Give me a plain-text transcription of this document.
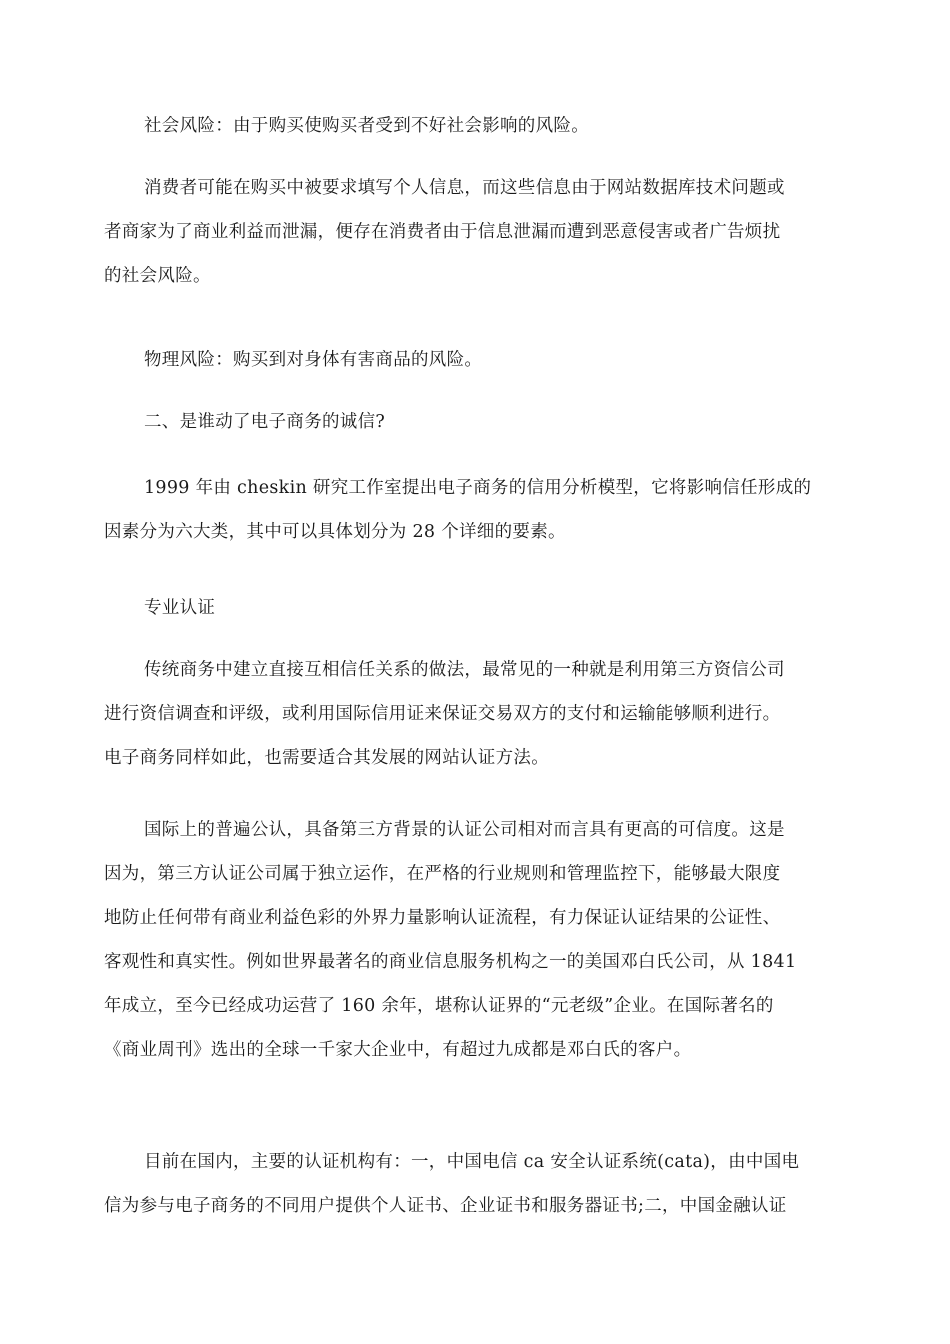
社会风险：由于购买使购买者受到不好社会影响的风险。

消费者可能在购买中被要求填写个人信息，而这些信息由于网站数据库技术问题或
者商家为了商业利益而泄漏，便存在消费者由于信息泄漏而遭到恶意侵害或者广告烦扰
的社会风险。

物理风险：购买到对身体有害商品的风险。

二、是谁动了电子商务的诚信?

1999 年由 cheskin 研究工作室提出电子商务的信用分析模型，它将影响信任形成的
因素分为六大类，其中可以具体划分为 28 个详细的要素。

专业认证

传统商务中建立直接互相信任关系的做法，最常见的一种就是利用第三方资信公司
进行资信调查和评级，或利用国际信用证来保证交易双方的支付和运输能够顺利进行。
电子商务同样如此，也需要适合其发展的网站认证方法。

国际上的普遍公认，具备第三方背景的认证公司相对而言具有更高的可信度。这是
因为，第三方认证公司属于独立运作，在严格的行业规则和管理监控下，能够最大限度
地防止任何带有商业利益色彩的外界力量影响认证流程，有力保证认证结果的公证性、
客观性和真实性。例如世界最著名的商业信息服务机构之一的美国邓白氏公司，从 1841
年成立，至今已经成功运营了 160 余年，堪称认证界的“元老级”企业。在国际著名的
《商业周刊》选出的全球一千家大企业中，有超过九成都是邓白氏的客户。

目前在国内，主要的认证机构有：一，中国电信 ca 安全认证系统(cata)，由中国电
信为参与电子商务的不同用户提供个人证书、企业证书和服务器证书;二，中国金融认证
